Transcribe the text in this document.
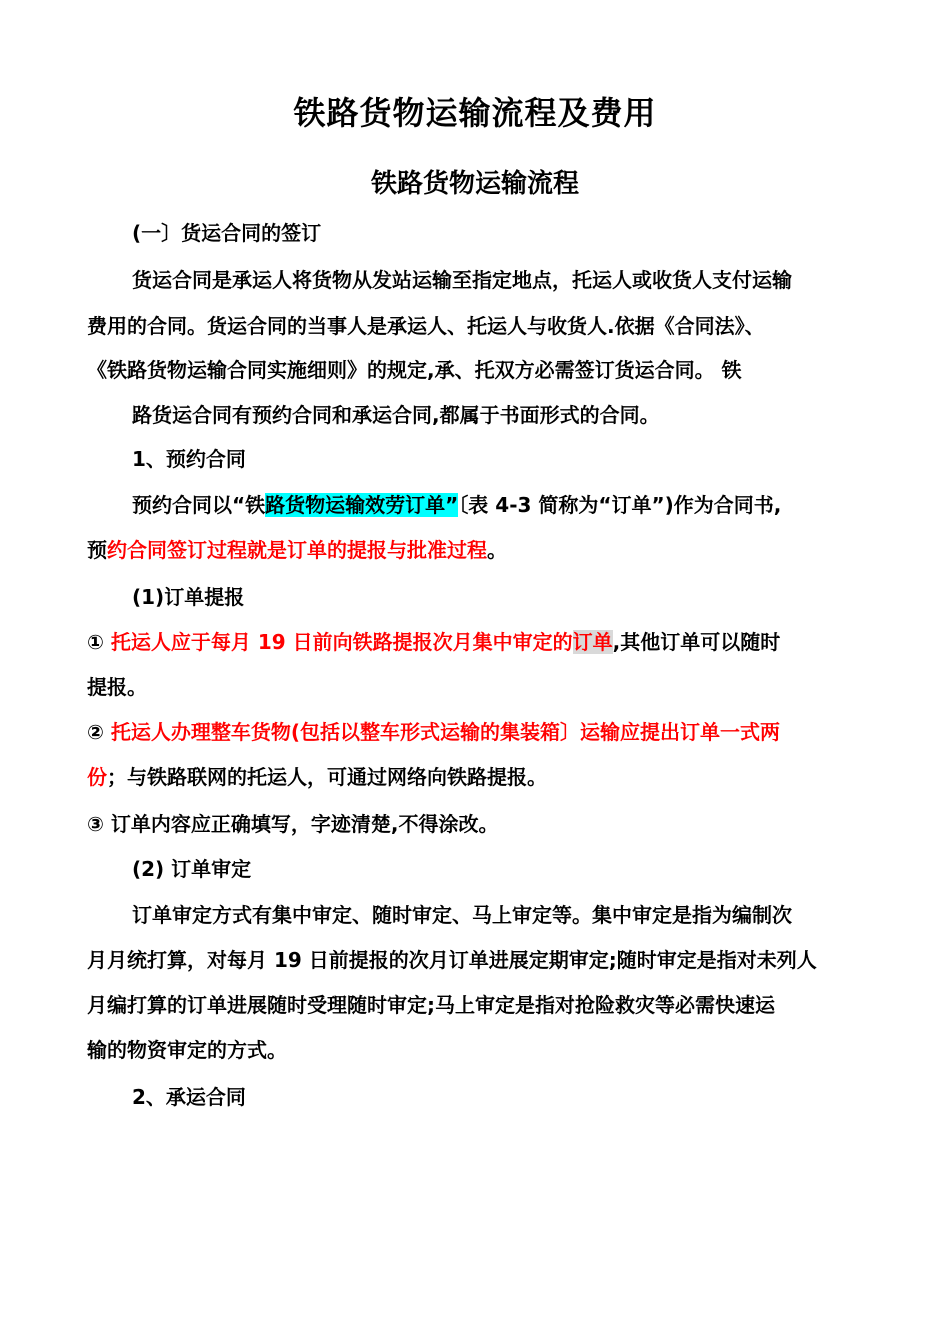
铁路货物运输流程及费用
铁路货物运输流程
(一〕货运合同的签订
货运合同是承运人将货物从发站运输至指定地点，托运人或收货人支付运输
费用的合同。货运合同的当事人是承运人、托运人与收货人.依据《合同法》、
《铁路货物运输合同实施细则》的规定,承、托双方必需签订货运合同。 铁
路货运合同有预约合同和承运合同,都属于书面形式的合同。
1、预约合同
预约合同以“铁路货物运输效劳订单”〔表 4-3 简称为“订单”)作为合同书,
预约合同签订过程就是订单的提报与批准过程。
(1)订单提报
① 托运人应于每月 19 日前向铁路提报次月集中审定的订单,其他订单可以随时
提报。
② 托运人办理整车货物(包括以整车形式运输的集装箱〕运输应提出订单一式两
份；与铁路联网的托运人，可通过网络向铁路提报。
③ 订单内容应正确填写，字迹清楚,不得涂改。
(2) 订单审定
订单审定方式有集中审定、随时审定、马上审定等。集中审定是指为编制次
月月统打算，对每月 19 日前提报的次月订单进展定期审定;随时审定是指对未列人
月编打算的订单进展随时受理随时审定;马上审定是指对抢险救灾等必需快速运
输的物资审定的方式。
2、承运合同
